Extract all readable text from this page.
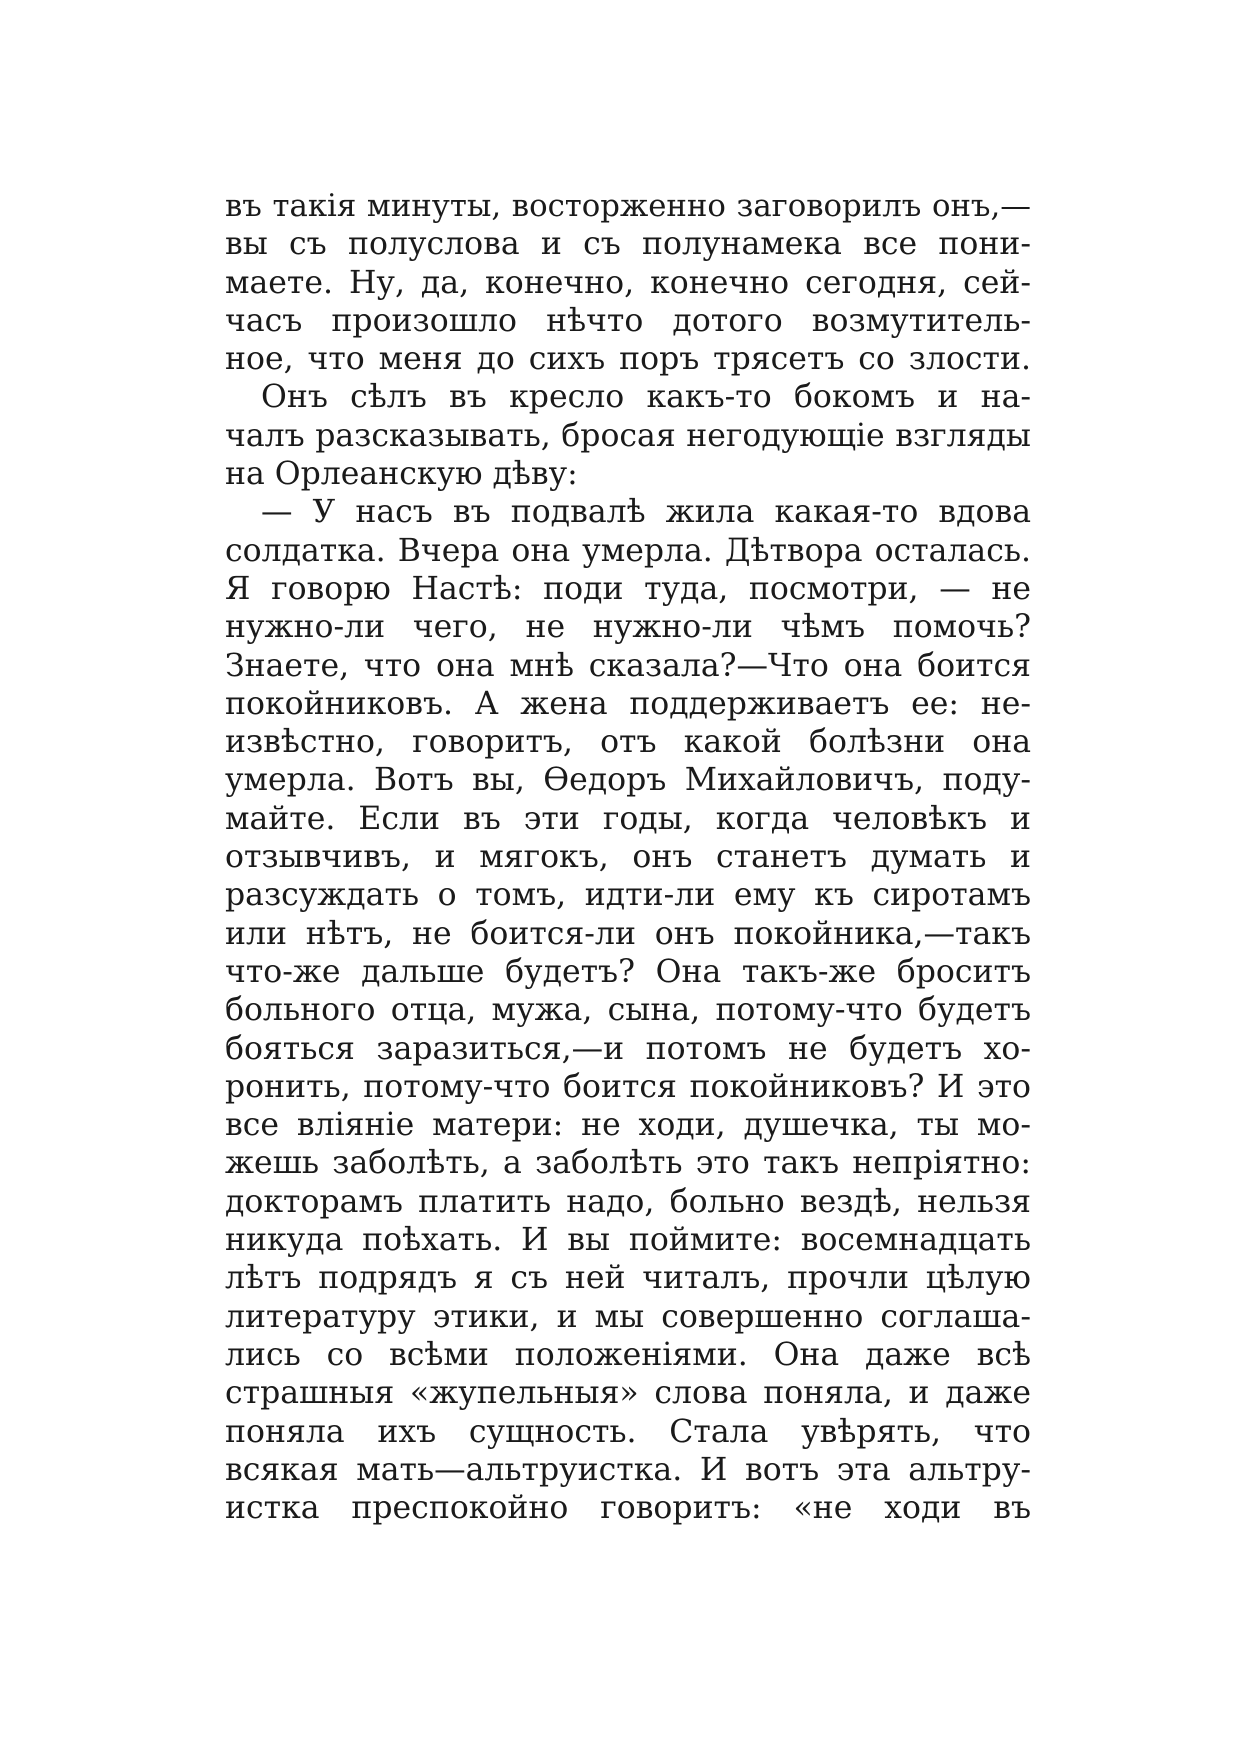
въ такія минуты, восторженно заговорилъ онъ,—
вы съ полуслова и съ полунамека все пони-
маете. Ну, да, конечно, конечно сегодня, сей-
часъ произошло нѣчто дотого возмутитель-
ное, что меня до сихъ поръ трясетъ со злости.
Онъ сѣлъ въ кресло какъ-то бокомъ и на-
чалъ разсказывать, бросая негодующіе взгляды
на Орлеанскую дѣву:
— У насъ въ подвалѣ жила какая-то вдова
солдатка. Вчера она умерла. Дѣтвора осталась.
Я говорю Настѣ: поди туда, посмотри, — не
нужно-ли чего, не нужно-ли чѣмъ помочь?
Знаете, что она мнѣ сказала?—Что она боится
покойниковъ. А жена поддерживаетъ ее: не-
извѣстно, говоритъ, отъ какой болѣзни она
умерла. Вотъ вы, Ѳедоръ Михайловичъ, поду-
майте. Если въ эти годы, когда человѣкъ и
отзывчивъ, и мягокъ, онъ станетъ думать и
разсуждать о томъ, идти-ли ему къ сиротамъ
или нѣтъ, не боится-ли онъ покойника,—такъ
что-же дальше будетъ? Она такъ-же броситъ
больного отца, мужа, сына, потому-что будетъ
бояться заразиться,—и потомъ не будетъ хо-
ронить, потому-что боится покойниковъ? И это
все вліяніе матери: не ходи, душечка, ты мо-
жешь заболѣть, а заболѣть это такъ непріятно:
докторамъ платить надо, больно вездѣ, нельзя
никуда поѣхать. И вы поймите: восемнадцать
лѣтъ подрядъ я съ ней читалъ, прочли цѣлую
литературу этики, и мы совершенно соглаша-
лись со всѣми положеніями. Она даже всѣ
страшныя «жупельныя» слова поняла, и даже
поняла ихъ сущность. Стала увѣрять, что
всякая мать—альтруистка. И вотъ эта альтру-
истка преспокойно говоритъ: «не ходи въ
